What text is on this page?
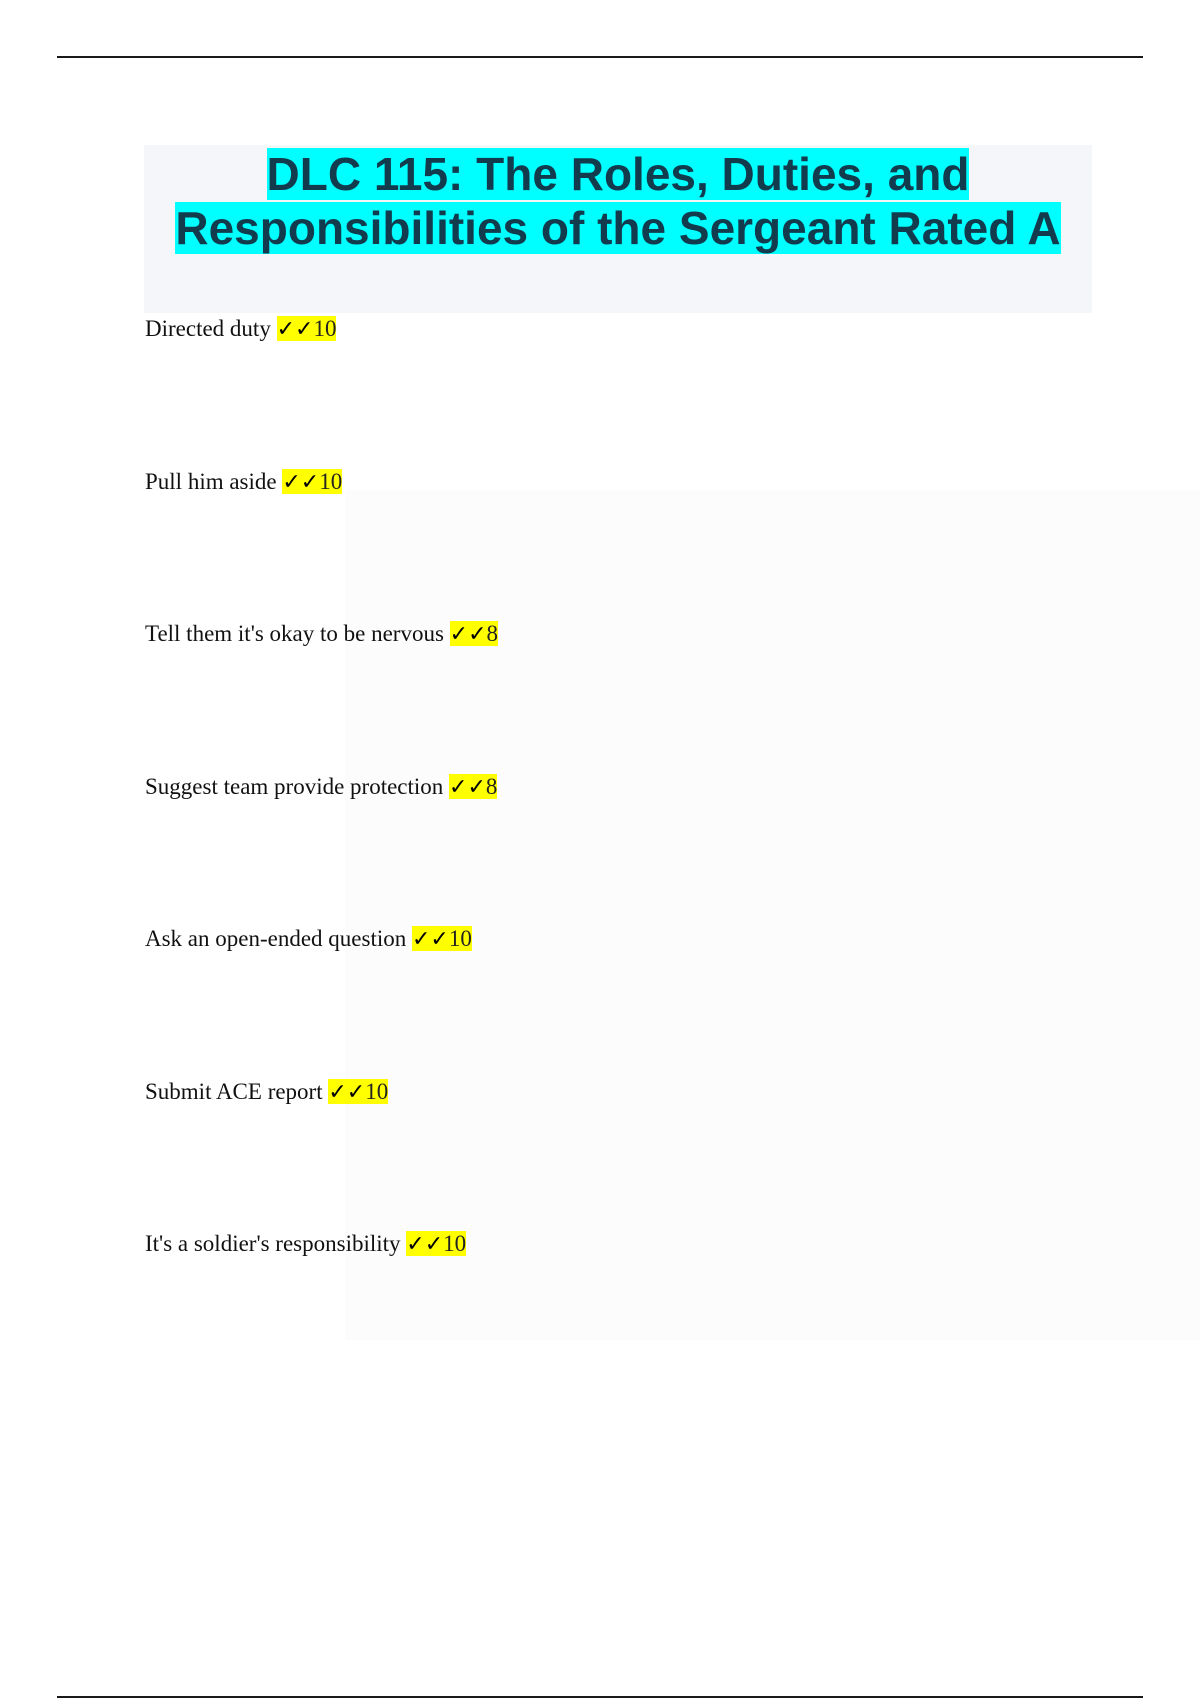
DLC 115: The Roles, Duties, and Responsibilities of the Sergeant Rated A
Directed duty ✓✓10
Pull him aside ✓✓10
Tell them it's okay to be nervous ✓✓8
Suggest team provide protection ✓✓8
Ask an open-ended question ✓✓10
Submit ACE report ✓✓10
It's a soldier's responsibility ✓✓10
